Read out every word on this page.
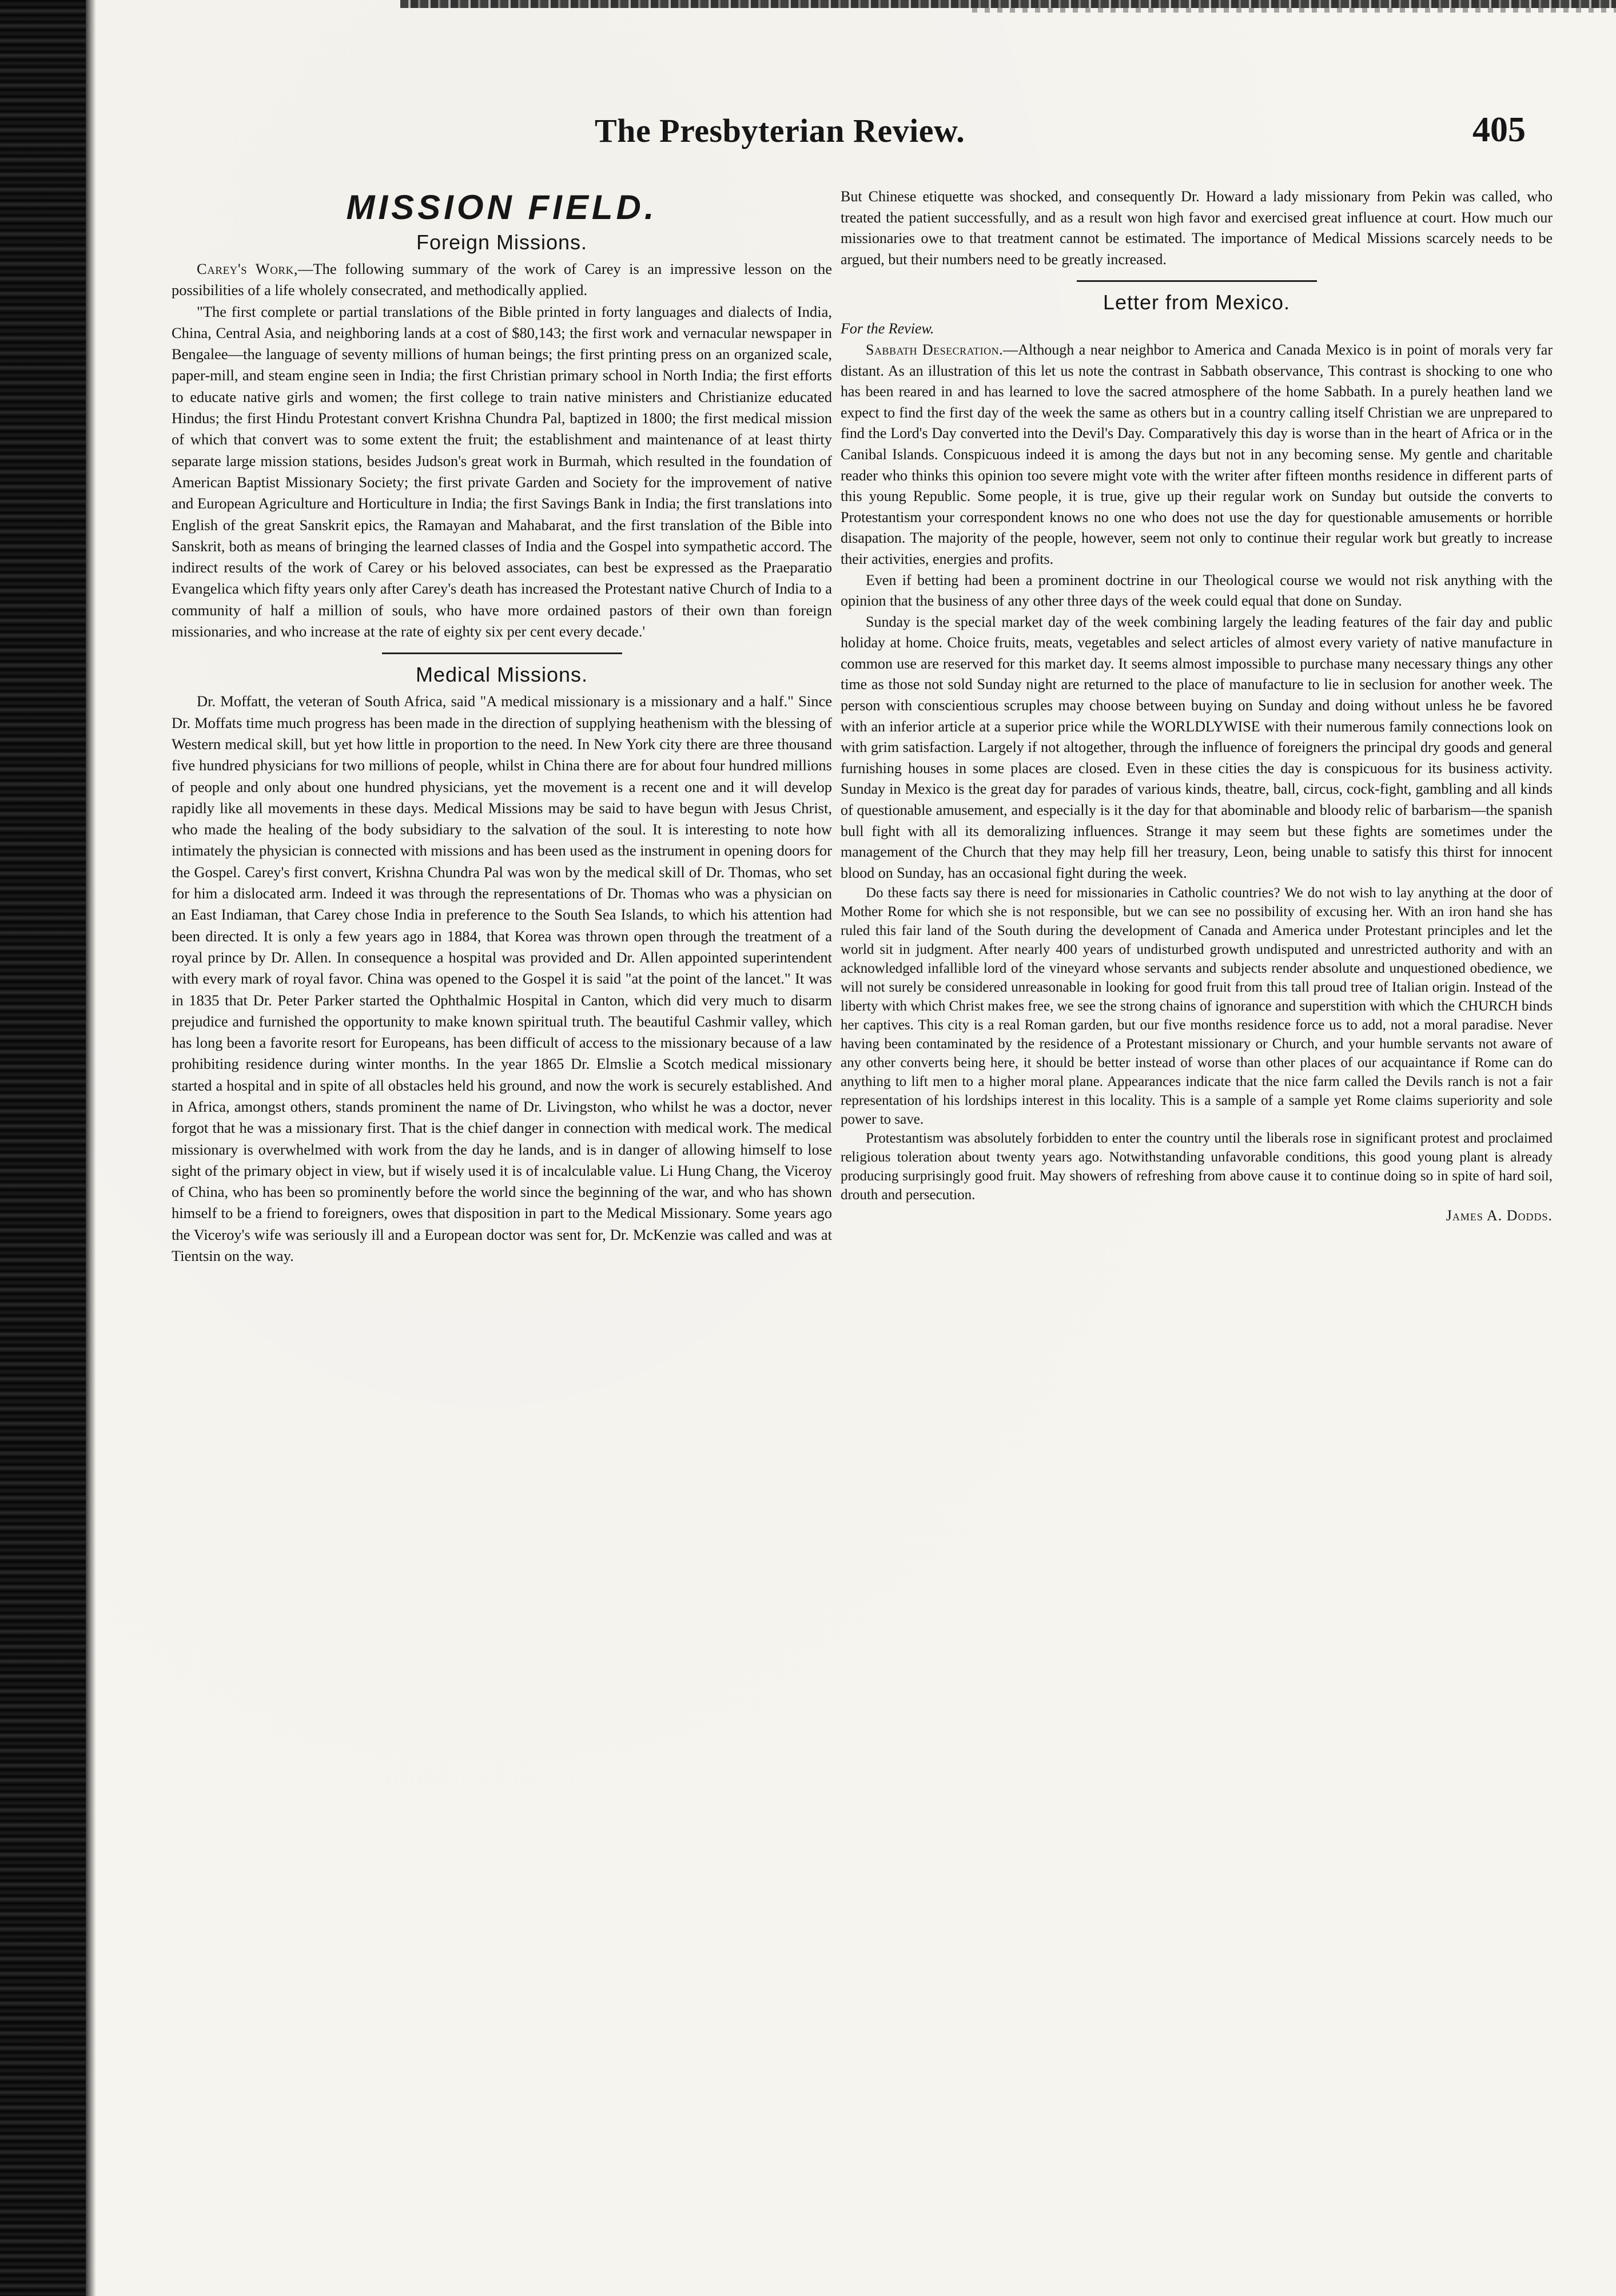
The Presbyterian Review.	405
MISSION FIELD.
Foreign Missions.

Carey's Work,—The following summary of the work of Carey is an impressive lesson on the possibilities of a life wholely consecrated, and methodically applied.

"The first complete or partial translations of the Bible printed in forty languages and dialects of India, China, Central Asia, and neighboring lands at a cost of $80,143; the first work and vernacular newspaper in Bengalee—the language of seventy millions of human beings; the first printing press on an organized scale, paper-mill, and steam engine seen in India; the first Christian primary school in North India; the first efforts to educate native girls and women; the first college to train native ministers and Christianize educated Hindus; the first Hindu Protestant convert Krishna Chundra Pal, baptized in 1800; the first medical mission of which that convert was to some extent the fruit; the establishment and maintenance of at least thirty separate large mission stations, besides Judson's great work in Burmah, which resulted in the foundation of American Baptist Missionary Society; the first private Garden and Society for the improvement of native and European Agriculture and Horticulture in India; the first Savings Bank in India; the first translations into English of the great Sanskrit epics, the Ramayan and Mahabarat, and the first translation of the Bible into Sanskrit, both as means of bringing the learned classes of India and the Gospel into sympathetic accord. The indirect results of the work of Carey or his beloved associates, can best be expressed as the Praeparatio Evangelica which fifty years only after Carey's death has increased the Protestant native Church of India to a community of half a million of souls, who have more ordained pastors of their own than foreign missionaries, and who increase at the rate of eighty six per cent every decade.'

Medical Missions.

Dr. Moffatt, the veteran of South Africa, said "A medical missionary is a missionary and a half." Since Dr. Moffats time much progress has been made in the direction of supplying heathenism with the blessing of Western medical skill, but yet how little in proportion to the need. In New York city there are three thousand five hundred physicians for two millions of people, whilst in China there are for about four hundred millions of people and only about one hundred physicians, yet the movement is a recent one and it will develop rapidly like all movements in these days. Medical Missions may be said to have begun with Jesus Christ, who made the healing of the body subsidiary to the salvation of the soul. It is interesting to note how intimately the physician is connected with missions and has been used as the instrument in opening doors for the Gospel. Carey's first convert, Krishna Chundra Pal was won by the medical skill of Dr. Thomas, who set for him a dislocated arm. Indeed it was through the representations of Dr. Thomas who was a physician on an East Indiaman, that Carey chose India in preference to the South Sea Islands, to which his attention had been directed. It is only a few years ago in 1884, that Korea was thrown open through the treatment of a royal prince by Dr. Allen. In consequence a hospital was provided and Dr. Allen appointed superintendent with every mark of royal favor. China was opened to the Gospel it is said "at the point of the lancet." It was in 1835 that Dr. Peter Parker started the Ophthalmic Hospital in Canton, which did very much to disarm prejudice and furnished the opportunity to make known spiritual truth. The beautiful Cashmir valley, which has long been a favorite resort for Europeans, has been difficult of access to the missionary because of a law prohibiting residence during winter months. In the year 1865 Dr. Elmslie a Scotch medical missionary started a hospital and in spite of all obstacles held his ground, and now the work is securely established. And in Africa, amongst others, stands prominent the name of Dr. Livingston, who whilst he was a doctor, never forgot that he was a missionary first. That is the chief danger in connection with medical work. The medical missionary is overwhelmed with work from the day he lands, and is in danger of allowing himself to lose sight of the primary object in view, but if wisely used it is of incalculable value. Li Hung Chang, the Viceroy of China, who has been so prominently before the world since the beginning of the war, and who has shown himself to be a friend to foreigners, owes that disposition in part to the Medical Missionary. Some years ago the Viceroy's wife was seriously ill and a European doctor was sent for, Dr. McKenzie was called and was at Tientsin on the way.

But Chinese etiquette was shocked, and consequently Dr. Howard a lady missionary from Pekin was called, who treated the patient successfully, and as a result won high favor and exercised great influence at court. How much our missionaries owe to that treatment cannot be estimated. The importance of Medical Missions scarcely needs to be argued, but their numbers need to be greatly increased.

Letter from Mexico.

For the Review.

Sabbath Desecration.—Although a near neighbor to America and Canada Mexico is in point of morals very far distant. As an illustration of this let us note the contrast in Sabbath observance, This contrast is shocking to one who has been reared in and has learned to love the sacred atmosphere of the home Sabbath. In a purely heathen land we expect to find the first day of the week the same as others but in a country calling itself Christian we are unprepared to find the Lord's Day converted into the Devil's Day. Comparatively this day is worse than in the heart of Africa or in the Canibal Islands. Conspicuous indeed it is among the days but not in any becoming sense. My gentle and charitable reader who thinks this opinion too severe might vote with the writer after fifteen months residence in different parts of this young Republic. Some people, it is true, give up their regular work on Sunday but outside the converts to Protestantism your correspondent knows no one who does not use the day for questionable amusements or horrible disapation. The majority of the people, however, seem not only to continue their regular work but greatly to increase their activities, energies and profits.

Even if betting had been a prominent doctrine in our Theological course we would not risk anything with the opinion that the business of any other three days of the week could equal that done on Sunday.

Sunday is the special market day of the week combining largely the leading features of the fair day and public holiday at home. Choice fruits, meats, vegetables and select articles of almost every variety of native manufacture in common use are reserved for this market day. It seems almost impossible to purchase many necessary things any other time as those not sold Sunday night are returned to the place of manufacture to lie in seclusion for another week. The person with conscientious scruples may choose between buying on Sunday and doing without unless he be favored with an inferior article at a superior price while the WORLDLYWISE with their numerous family connections look on with grim satisfaction. Largely if not altogether, through the influence of foreigners the principal dry goods and general furnishing houses in some places are closed. Even in these cities the day is conspicuous for its business activity. Sunday in Mexico is the great day for parades of various kinds, theatre, ball, circus, cock-fight, gambling and all kinds of questionable amusement, and especially is it the day for that abominable and bloody relic of barbarism—the spanish bull fight with all its demoralizing influences. Strange it may seem but these fights are sometimes under the management of the Church that they may help fill her treasury, Leon, being unable to satisfy this thirst for innocent blood on Sunday, has an occasional fight during the week.

Do these facts say there is need for missionaries in Catholic countries? We do not wish to lay anything at the door of Mother Rome for which she is not responsible, but we can see no possibility of excusing her. With an iron hand she has ruled this fair land of the South during the development of Canada and America under Protestant principles and let the world sit in judgment. After nearly 400 years of undisturbed growth undisputed and unrestricted authority and with an acknowledged infallible lord of the vineyard whose servants and subjects render absolute and unquestioned obedience, we will not surely be considered unreasonable in looking for good fruit from this tall proud tree of Italian origin. Instead of the liberty with which Christ makes free, we see the strong chains of ignorance and superstition with which the CHURCH binds her captives. This city is a real Roman garden, but our five months residence force us to add, not a moral paradise. Never having been contaminated by the residence of a Protestant missionary or Church, and your humble servants not aware of any other converts being here, it should be better instead of worse than other places of our acquaintance if Rome can do anything to lift men to a higher moral plane. Appearances indicate that the nice farm called the Devils ranch is not a fair representation of his lordships interest in this locality. This is a sample of a sample yet Rome claims superiority and sole power to save.

Protestantism was absolutely forbidden to enter the country until the liberals rose in significant protest and proclaimed religious toleration about twenty years ago. Notwithstanding unfavorable conditions, this good young plant is already producing surprisingly good fruit. May showers of refreshing from above cause it to continue doing so in spite of hard soil, drouth and persecution.

James A. Dodds.
